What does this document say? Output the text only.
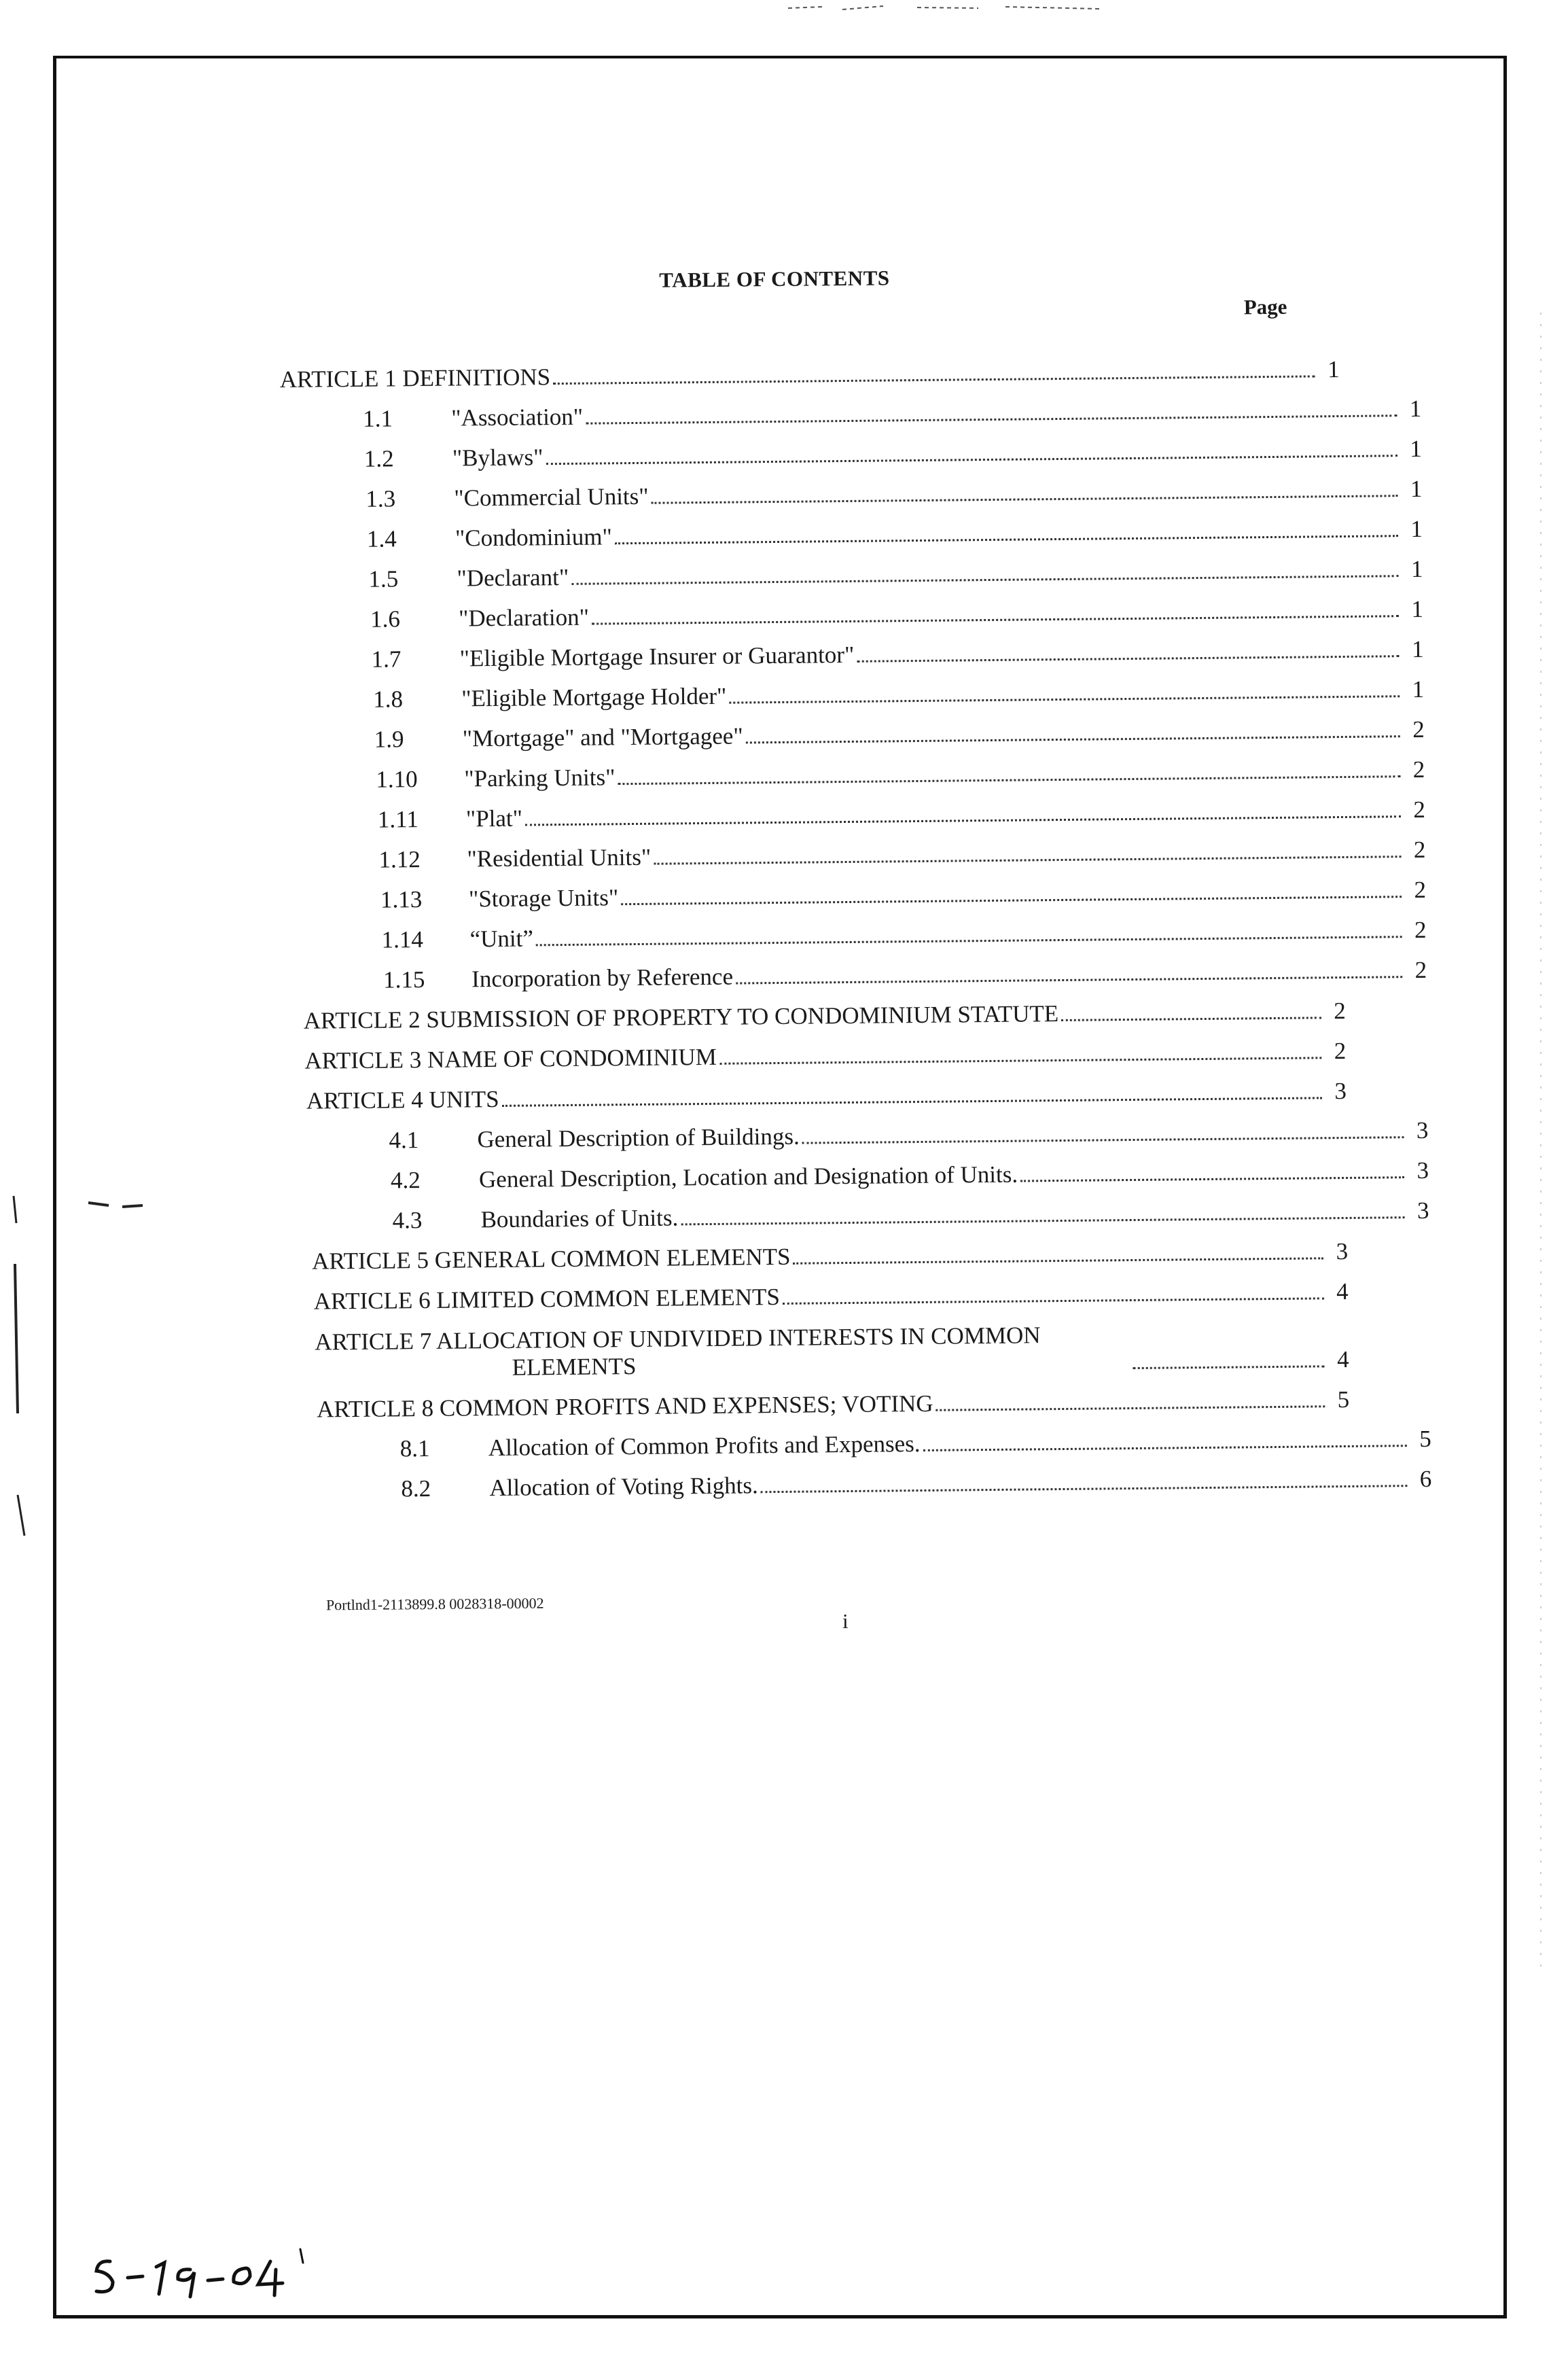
TABLE OF CONTENTS
Page
ARTICLE 1 DEFINITIONS	1
1.1	"Association"	1
1.2	"Bylaws"	1
1.3	"Commercial Units"	1
1.4	"Condominium"	1
1.5	"Declarant"	1
1.6	"Declaration"	1
1.7	"Eligible Mortgage Insurer or Guarantor"	1
1.8	"Eligible Mortgage Holder"	1
1.9	"Mortgage" and "Mortgagee"	2
1.10	"Parking Units"	2
1.11	"Plat"	2
1.12	"Residential Units"	2
1.13	"Storage Units"	2
1.14	“Unit”	2
1.15	Incorporation by Reference	2
ARTICLE 2 SUBMISSION OF PROPERTY TO CONDOMINIUM STATUTE	2
ARTICLE 3 NAME OF CONDOMINIUM	2
ARTICLE 4 UNITS	3
4.1	General Description of Buildings.	3
4.2	General Description, Location and Designation of Units.	3
4.3	Boundaries of Units.	3
ARTICLE 5 GENERAL COMMON ELEMENTS	3
ARTICLE 6 LIMITED COMMON ELEMENTS	4
ARTICLE 7 ALLOCATION OF UNDIVIDED INTERESTS IN COMMON
ELEMENTS	4
ARTICLE 8 COMMON PROFITS AND EXPENSES; VOTING	5
8.1	Allocation of Common Profits and Expenses.	5
8.2	Allocation of Voting Rights.	6
Portlnd1-2113899.8 0028318-00002
i
